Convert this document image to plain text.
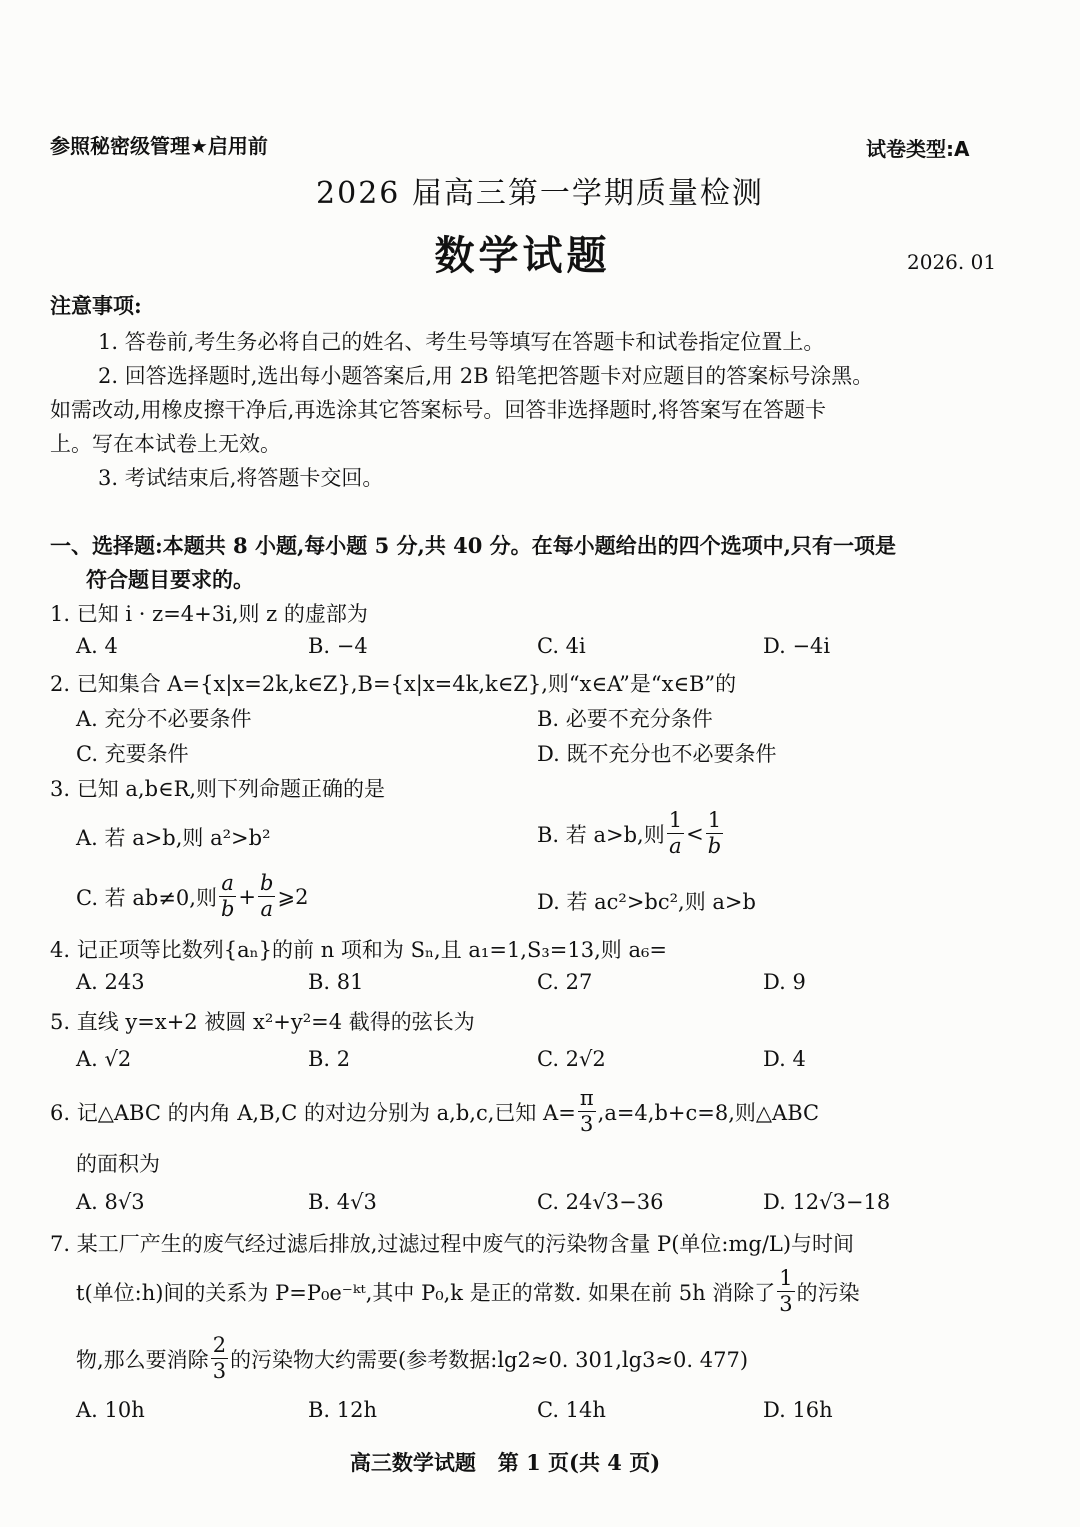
参照秘密级管理★启用前	试卷类型:A
2026 届高三第一学期质量检测
数学试题	2026. 01
注意事项:
1. 答卷前,考生务必将自己的姓名、考生号等填写在答题卡和试卷指定位置上。
2. 回答选择题时,选出每小题答案后,用 2B 铅笔把答题卡对应题目的答案标号涂黑。
如需改动,用橡皮擦干净后,再选涂其它答案标号。回答非选择题时,将答案写在答题卡
上。写在本试卷上无效。
3. 考试结束后,将答题卡交回。
一、选择题:本题共 8 小题,每小题 5 分,共 40 分。在每小题给出的四个选项中,只有一项是
符合题目要求的。
1. 已知 i · z=4+3i,则 z 的虚部为
A. 4	B. −4	C. 4i	D. −4i
2. 已知集合 A={x|x=2k,k∈Z},B={x|x=4k,k∈Z},则“x∈A”是“x∈B”的
A. 充分不必要条件	B. 必要不充分条件
C. 充要条件	D. 既不充分也不必要条件
3. 已知 a,b∈R,则下列命题正确的是
A. 若 a>b,则 a²>b²	B. 若 a>b,则 $\frac{1}{a} < \frac{1}{b}$
C. 若 ab≠0,则 $\frac{a}{b} + \frac{b}{a}$ ⩾2	D. 若 ac²>bc²,则 a>b
4. 记正项等比数列{aₙ}的前 n 项和为 Sₙ,且 a₁=1,S₃=13,则 a₆=
A. 243	B. 81	C. 27	D. 9
5. 直线 y=x+2 被圆 x²+y²=4 截得的弦长为
A. √2	B. 2	C. 2√2	D. 4
6. 记△ABC 的内角 A,B,C 的对边分别为 a,b,c,已知 $A= \frac{\pi}{3} ,a=4,b+c=8$,则△ABC
的面积为
A. 8√3	B. 4√3	C. 24√3−36	D. 12√3−18
7. 某工厂产生的废气经过滤后排放,过滤过程中废气的污染物含量 P(单位:mg/L)与时间
t(单位:h)间的关系为 P=P₀e⁻ᵏᵗ,其中 P₀,k 是正的常数. 如果在前 5h 消除了 $\frac{1}{3}$ 的污染
物,那么要消除 $\frac{2}{3}$ 的污染物大约需要(参考数据:lg2≈0. 301,lg3≈0. 477)
A. 10h	B. 12h	C. 14h	D. 16h
高三数学试题   第 1 页(共 4 页)
